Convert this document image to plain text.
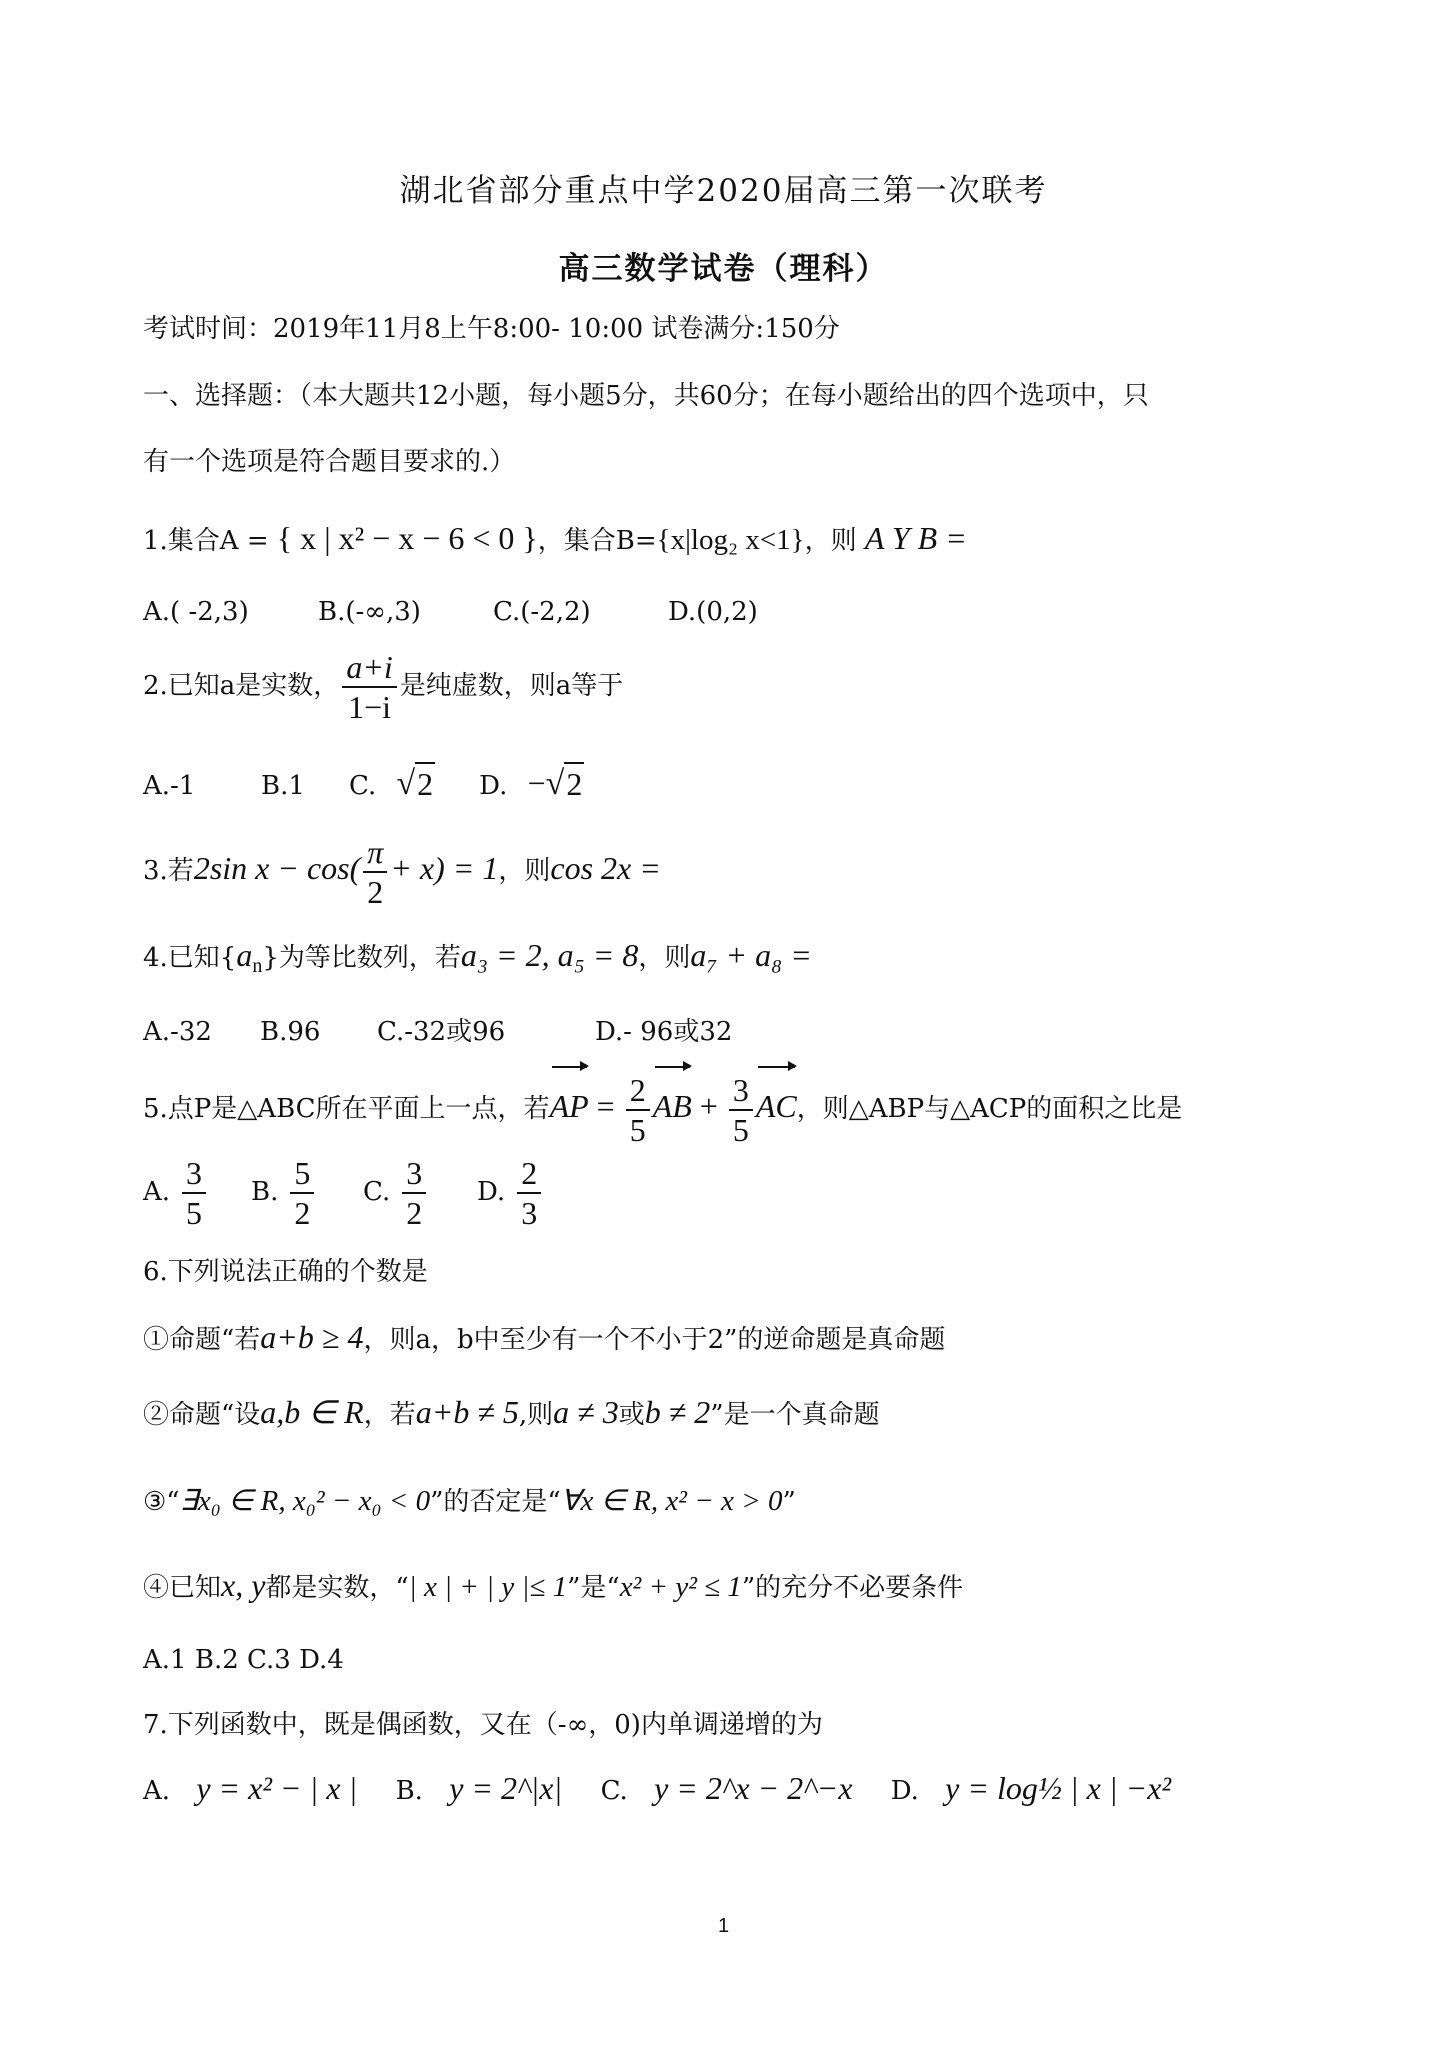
湖北省部分重点中学2020届高三第一次联考
高三数学试卷（理科）
考试时间：2019年11月8上午8:00- 10:00 试卷满分:150分
一、选择题：（本大题共12小题，每小题5分，共60分；在每小题给出的四个选项中，只
有一个选项是符合题目要求的.）
1.集合A = { x | x² − x − 6 < 0 }，集合B={x|log₂ x<1}，则 A Y B =
A.( -2,3)	B.(-∞,3)	C.(-2,2)	D.(0,2)
2.已知a是实数， $\frac{a+i}{1-i}$ 是纯虚数，则a等于
A.-1	B.1 C. √ 2 D. − √ 2
3.若2sin $x - \cos( \frac{\pi}{2} + x) = 1$，则cos 2x =
4.已知$\{a_n\}$为等比数列，若a₃ = 2, a₅ = 8，则a₇ + a₈ =
A.-32 B.96 C.-32或96	D.- 96或32
5.点P是△ABC所在平面上一点，若AP = $\frac{2}{5}$ AB + $\frac{3}{5}$ AC，则△ABP与△ACP的面积之比是
A. $\frac{3}{5} B$. $\frac{5}{2} C$. $\frac{3}{2} D$. $\frac{2}{3}$
6.下列说法正确的个数是
①命题“若a+b ≥ 4，则a，b中至少有一个不小于2”的逆命题是真命题
②命题“设a,b ∈ R，若a+b ≠ 5,则a ≠ 3或b ≠ 2”是一个真命题
③“∃x₀ ∈ R, x₀² − x₀ < 0”的否定是“∀x ∈ R, x² − x > 0”
④已知x, y都是实数，“| x | + | y |≤ 1”是“x² + y² ≤ 1”的充分不必要条件
A.1 B.2 C.3 D.4
7.下列函数中，既是偶函数，又在（-∞，0)内单调递增的为
A. y = x² − | x | B. y = 2^|x| C. y = 2^x − 2^−x D. y = log½ | x | −x²
1
